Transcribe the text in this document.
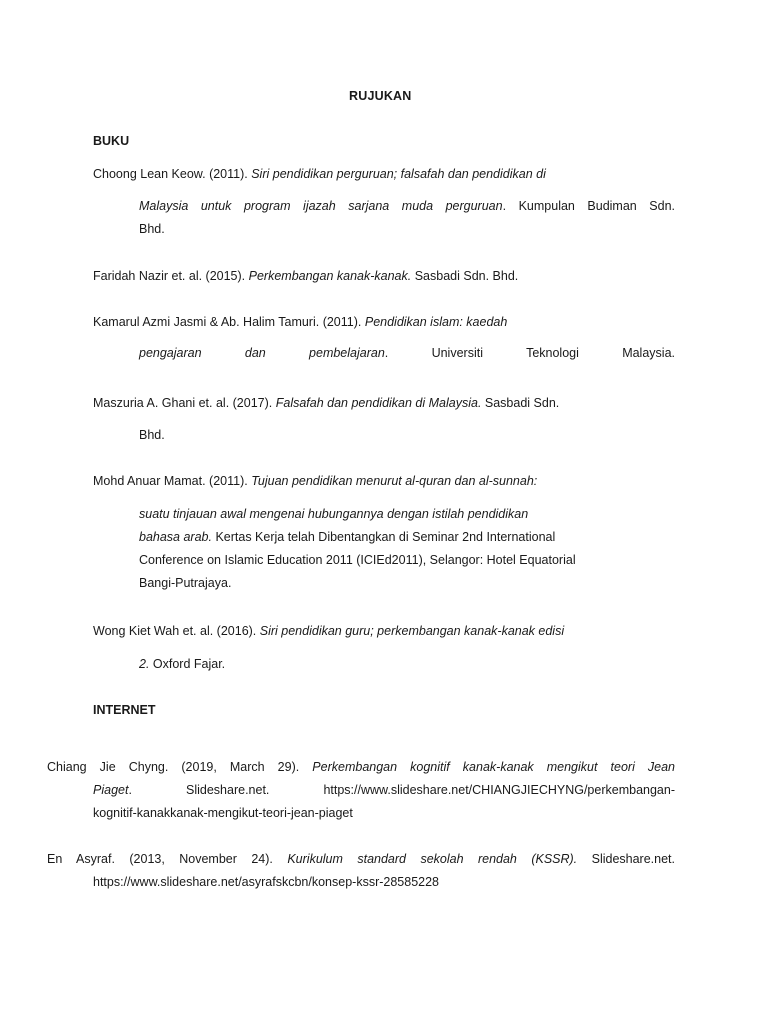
RUJUKAN
BUKU
Choong Lean Keow. (2011). Siri pendidikan perguruan; falsafah dan pendidikan di
Malaysia untuk program ijazah sarjana muda perguruan. Kumpulan Budiman Sdn.
Bhd.
Faridah Nazir et. al. (2015). Perkembangan kanak-kanak. Sasbadi Sdn. Bhd.
Kamarul Azmi Jasmi & Ab. Halim Tamuri. (2011). Pendidikan islam: kaedah
pengajaran dan pembelajaran. Universiti Teknologi Malaysia.
Maszuria A. Ghani et. al. (2017). Falsafah dan pendidikan di Malaysia. Sasbadi Sdn.
Bhd.
Mohd Anuar Mamat. (2011). Tujuan pendidikan menurut al-quran dan al-sunnah:
suatu tinjauan awal mengenai hubungannya dengan istilah pendidikan
bahasa arab. Kertas Kerja telah Dibentangkan di Seminar 2nd International
Conference on Islamic Education 2011 (ICIEd2011), Selangor: Hotel Equatorial
Bangi-Putrajaya.
Wong Kiet Wah et. al. (2016). Siri pendidikan guru; perkembangan kanak-kanak edisi
2. Oxford Fajar.
INTERNET
Chiang Jie Chyng. (2019, March 29). Perkembangan kognitif kanak-kanak mengikut teori Jean
Piaget. Slideshare.net. https://www.slideshare.net/CHIANGJIECHYNG/perkembangan-
kognitif-kanakkanak-mengikut-teori-jean-piaget
En Asyraf. (2013, November 24). Kurikulum standard sekolah rendah (KSSR). Slideshare.net.
https://www.slideshare.net/asyrafskcbn/konsep-kssr-28585228
